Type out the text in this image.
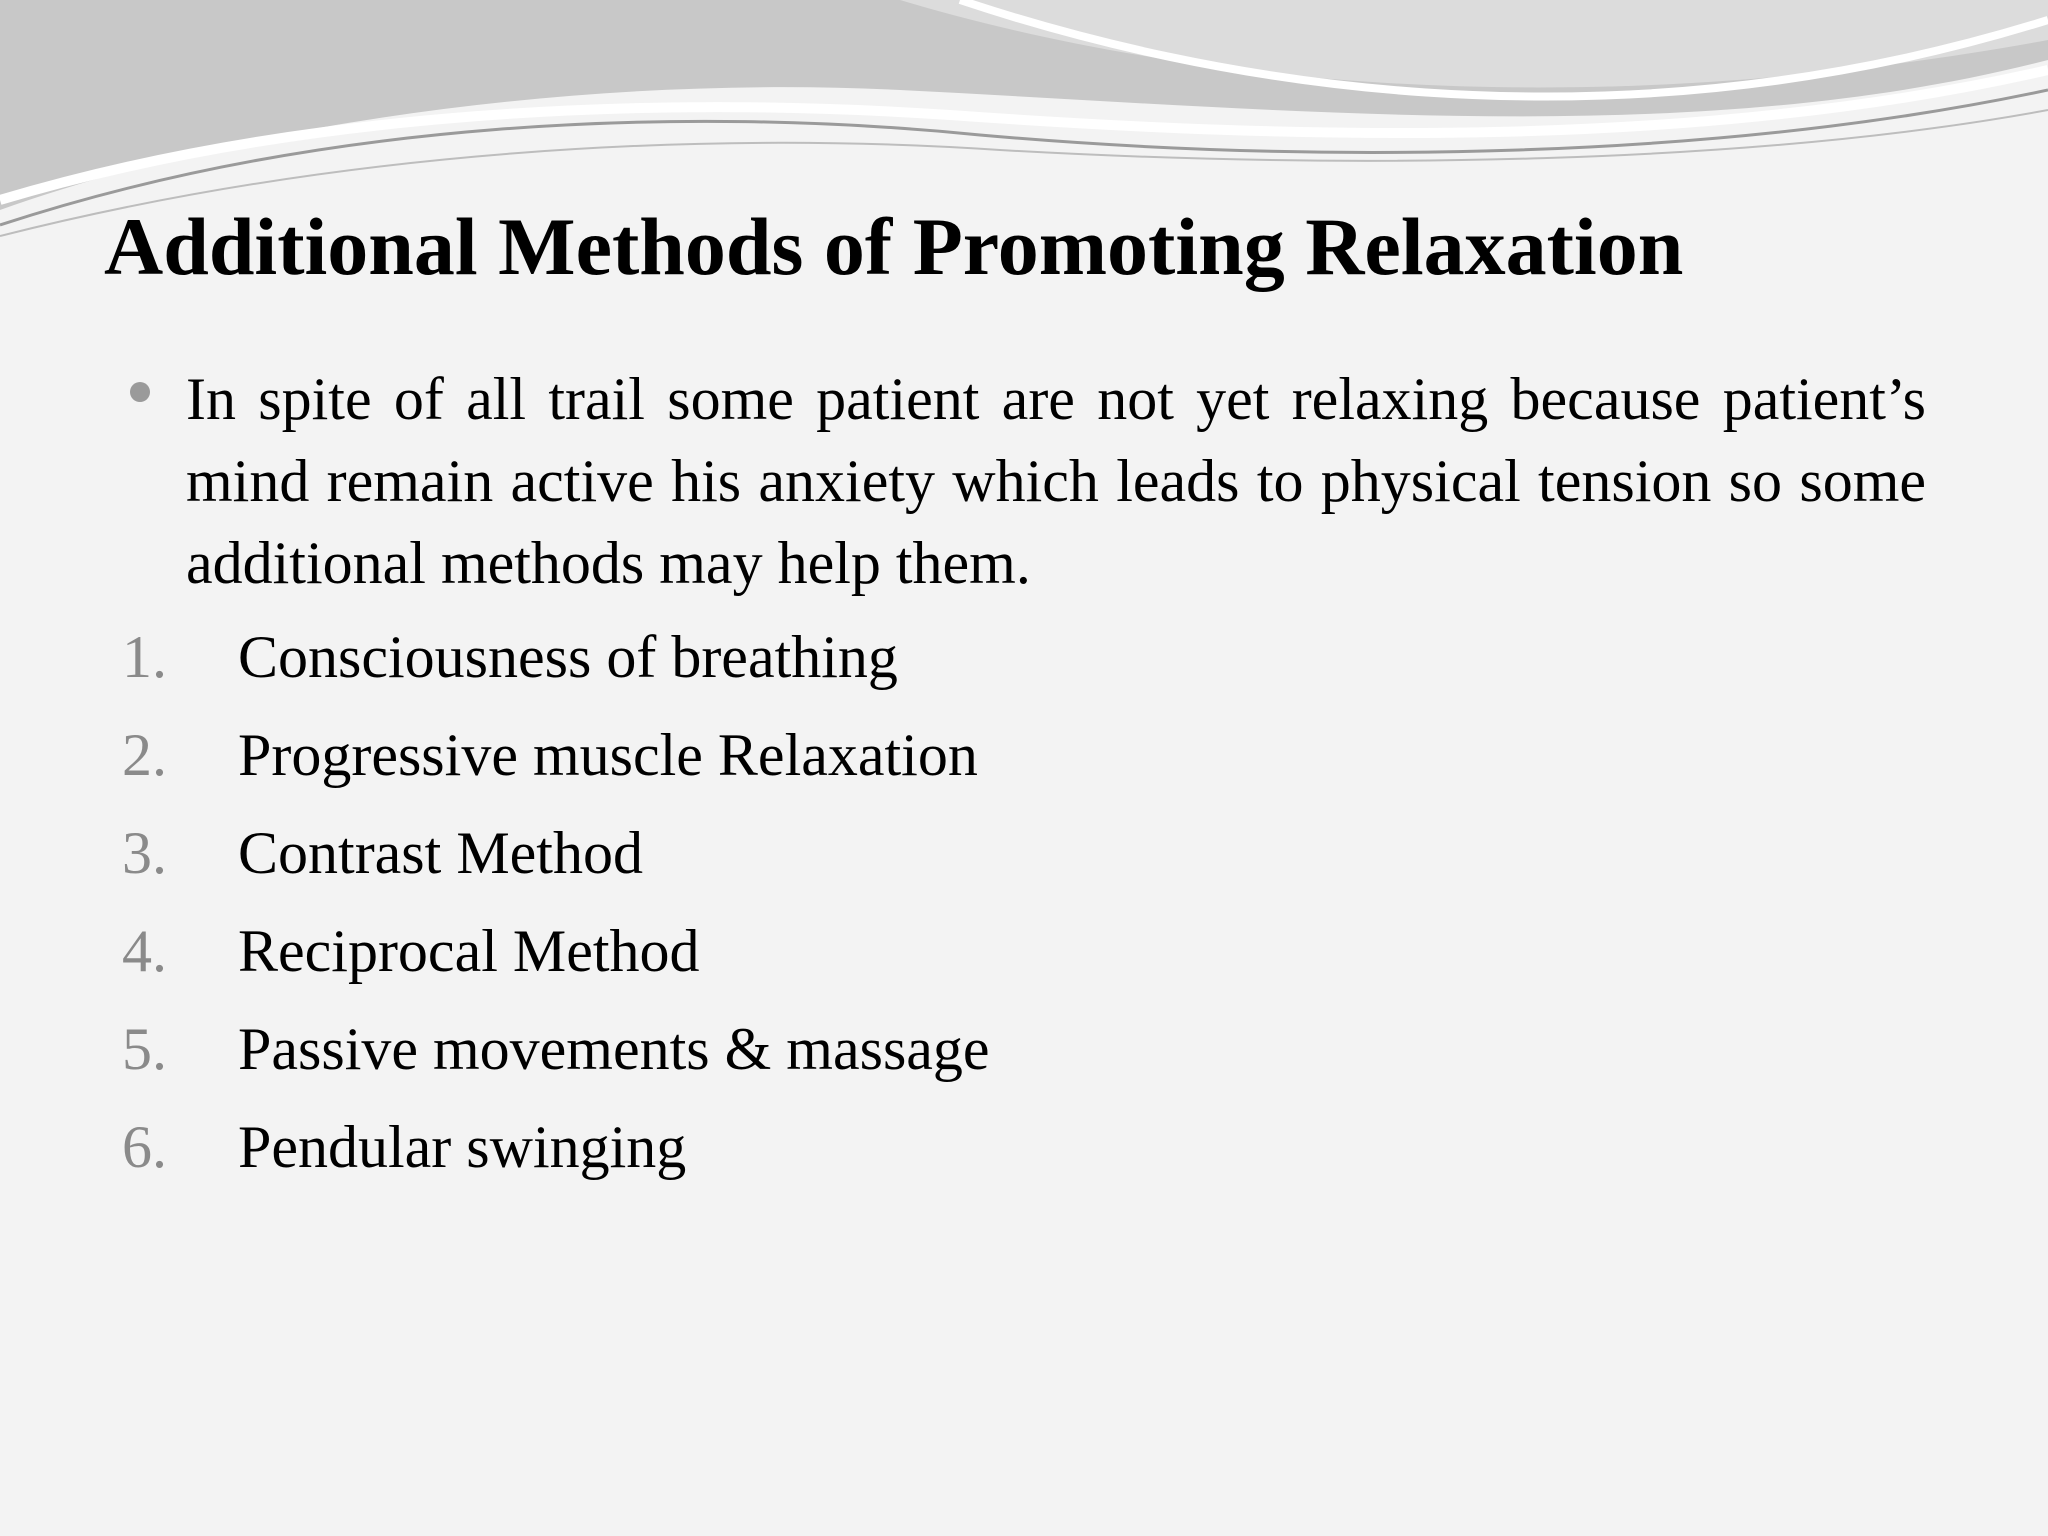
Additional Methods of Promoting Relaxation

In spite of all trail some patient are not yet relaxing because patient’s mind remain active his anxiety which leads to physical tension so some additional methods may help them.

1. Consciousness of breathing
2. Progressive muscle Relaxation
3. Contrast Method
4. Reciprocal Method
5. Passive movements & massage
6. Pendular swinging
